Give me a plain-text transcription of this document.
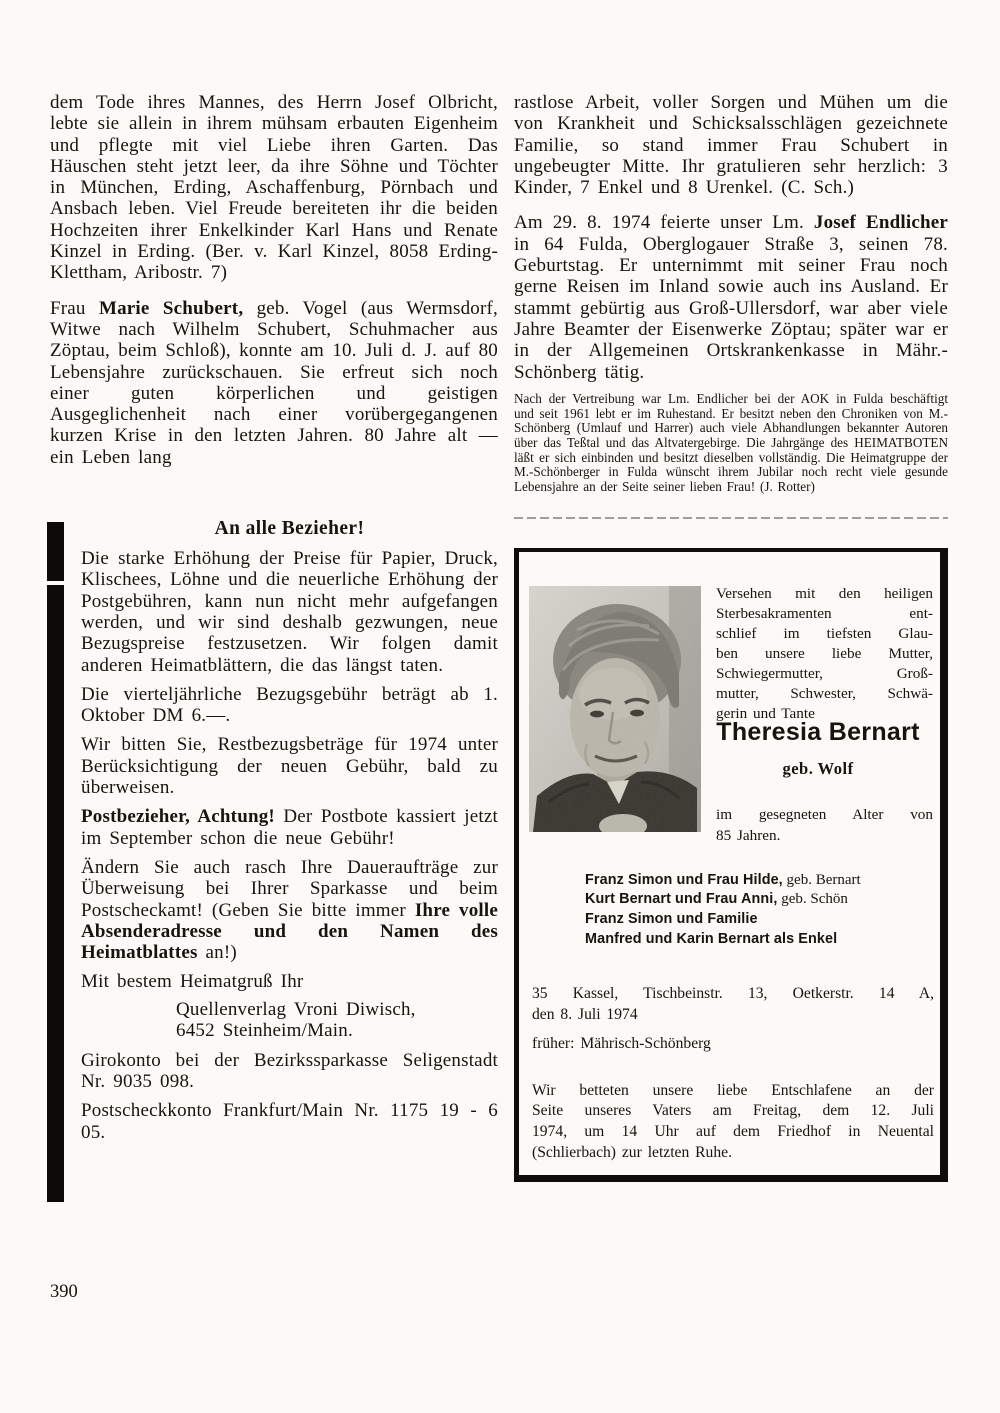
dem Tode ihres Mannes, des Herrn Josef Olbricht, lebte sie allein in ihrem mühsam erbauten Eigenheim und pflegte mit viel Liebe ihren Garten. Das Häuschen steht jetzt leer, da ihre Söhne und Töchter in München, Erding, Aschaffenburg, Pörnbach und Ansbach leben. Viel Freude bereiteten ihr die beiden Hochzeiten ihrer Enkelkinder Karl Hans und Renate Kinzel in Erding. (Ber. v. Karl Kinzel, 8058 Erding-Klettham, Aribostr. 7)

Frau Marie Schubert, geb. Vogel (aus Wermsdorf, Witwe nach Wilhelm Schubert, Schuhmacher aus Zöptau, beim Schloß), konnte am 10. Juli d. J. auf 80 Lebensjahre zurückschauen. Sie erfreut sich noch einer guten körperlichen und geistigen Ausgeglichenheit nach einer vorübergegangenen kurzen Krise in den letzten Jahren. 80 Jahre alt — ein Leben lang

An alle Bezieher!

Die starke Erhöhung der Preise für Papier, Druck, Klischees, Löhne und die neuerliche Erhöhung der Postgebühren, kann nun nicht mehr aufgefangen werden, und wir sind deshalb gezwungen, neue Bezugspreise festzusetzen. Wir folgen damit anderen Heimatblättern, die das längst taten.

Die vierteljährliche Bezugsgebühr beträgt ab 1. Oktober DM 6.—.

Wir bitten Sie, Restbezugsbeträge für 1974 unter Berücksichtigung der neuen Gebühr, bald zu überweisen.

Postbezieher, Achtung! Der Postbote kassiert jetzt im September schon die neue Gebühr!

Ändern Sie auch rasch Ihre Daueraufträge zur Überweisung bei Ihrer Sparkasse und beim Postscheckamt! (Geben Sie bitte immer Ihre volle Absenderadresse und den Namen des Heimatblattes an!)

Mit bestem Heimatgruß Ihr

Quellenverlag Vroni Diwisch,
6452 Steinheim/Main.

Girokonto bei der Bezirkssparkasse Seligenstadt Nr. 9035 098.

Postscheckkonto Frankfurt/Main Nr. 1175 19 - 6 05.

rastlose Arbeit, voller Sorgen und Mühen um die von Krankheit und Schicksalsschlägen gezeichnete Familie, so stand immer Frau Schubert in ungebeugter Mitte. Ihr gratulieren sehr herzlich: 3 Kinder, 7 Enkel und 8 Urenkel. (C. Sch.)

Am 29. 8. 1974 feierte unser Lm. Josef Endlicher in 64 Fulda, Oberglogauer Straße 3, seinen 78. Geburtstag. Er unternimmt mit seiner Frau noch gerne Reisen im Inland sowie auch ins Ausland. Er stammt gebürtig aus Groß-Ullersdorf, war aber viele Jahre Beamter der Eisenwerke Zöptau; später war er in der Allgemeinen Ortskrankenkasse in Mähr.-Schönberg tätig.

Nach der Vertreibung war Lm. Endlicher bei der AOK in Fulda beschäftigt und seit 1961 lebt er im Ruhestand. Er besitzt neben den Chroniken von M.-Schönberg (Umlauf und Harrer) auch viele Abhandlungen bekannter Autoren über das Teßtal und das Altvatergebirge. Die Jahrgänge des HEIMATBOTEN läßt er sich einbinden und besitzt dieselben vollständig. Die Heimatgruppe der M.-Schönberger in Fulda wünscht ihrem Jubilar noch recht viele gesunde Lebensjahre an der Seite seiner lieben Frau! (J. Rotter)

Versehen mit den heiligen
Sterbesakramenten ent-
schlief im tiefsten Glau-
ben unsere liebe Mutter,
Schwiegermutter, Groß-
mutter, Schwester, Schwä-
gerin und Tante
Theresia Bernart
geb. Wolf
im gesegneten Alter von
85 Jahren.
Franz Simon und Frau Hilde, geb. Bernart
Kurt Bernart und Frau Anni, geb. Schön
Franz Simon und Familie
Manfred und Karin Bernart als Enkel
35 Kassel, Tischbeinstr. 13, Oetkerstr. 14 A,
den 8. Juli 1974
früher: Mährisch-Schönberg
Wir betteten unsere liebe Entschlafene an der
Seite unseres Vaters am Freitag, dem 12. Juli
1974, um 14 Uhr auf dem Friedhof in Neuental
(Schlierbach) zur letzten Ruhe.
390
